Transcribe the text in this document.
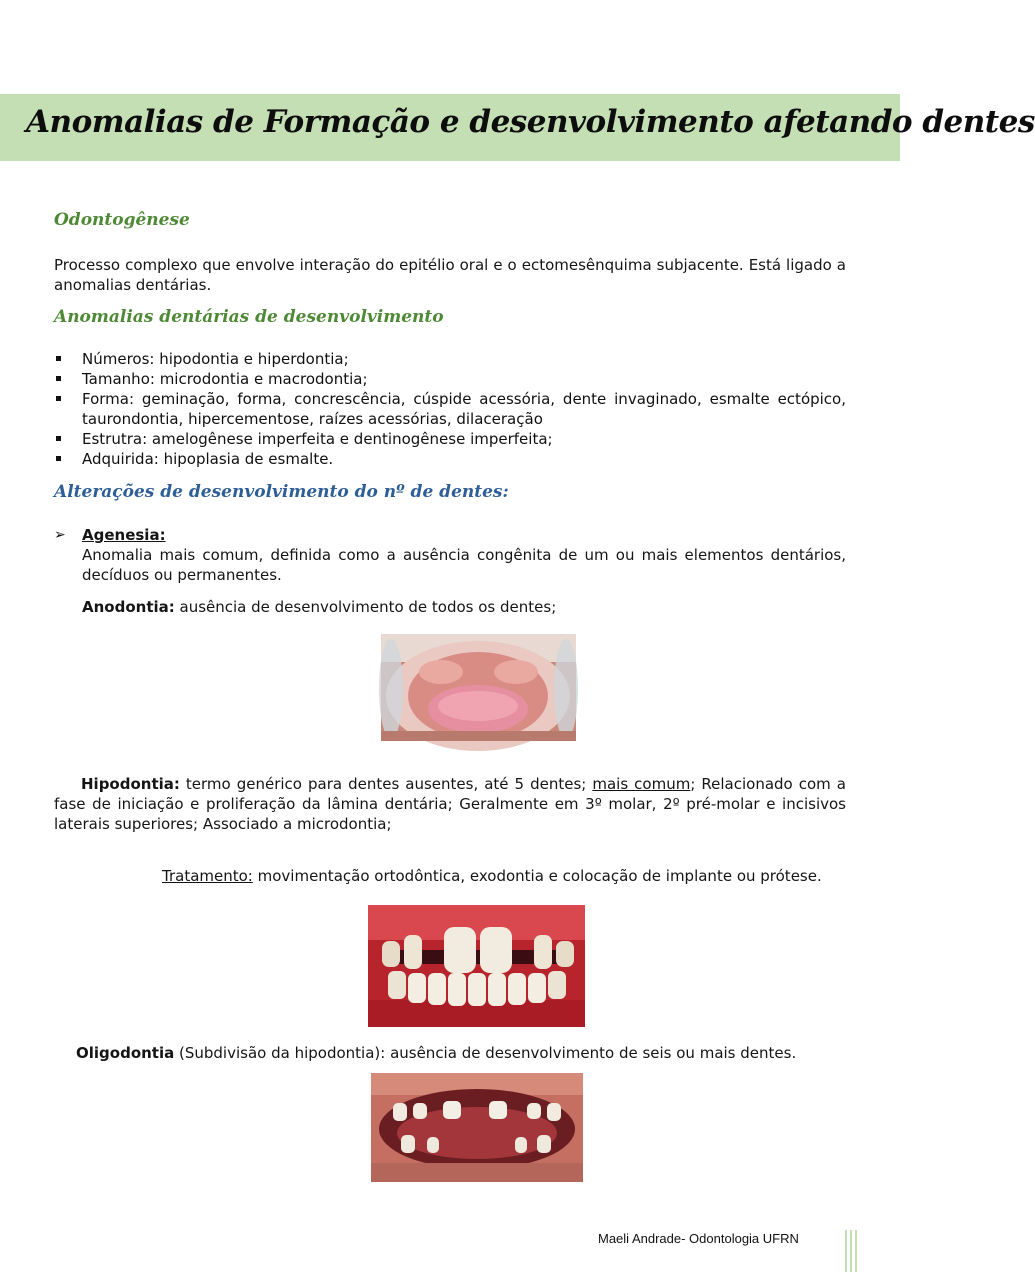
Anomalias de Formação e desenvolvimento afetando dentes
Odontogênese
Processo complexo que envolve interação do epitélio oral e o ectomesênquima subjacente. Está ligado a anomalias dentárias.
Anomalias dentárias de desenvolvimento
Números: hipodontia e hiperdontia;
Tamanho: microdontia e macrodontia;
Forma: geminação, forma, concrescência, cúspide acessória, dente invaginado, esmalte ectópico, taurondontia, hipercementose, raízes acessórias, dilaceração
Estrutra: amelogênese imperfeita e dentinogênese imperfeita;
Adquirida: hipoplasia de esmalte.
Alterações de desenvolvimento do nº de dentes:
➢ Agenesia:
Anomalia mais comum, definida como a ausência congênita de um ou mais elementos dentários, decíduos ou permanentes.
Anodontia: ausência de desenvolvimento de todos os dentes;
Hipodontia: termo genérico para dentes ausentes, até 5 dentes; mais comum; Relacionado com a fase de iniciação e proliferação da lâmina dentária; Geralmente em 3º molar, 2º pré-molar e incisivos laterais superiores; Associado a microdontia;
Tratamento: movimentação ortodôntica, exodontia e colocação de implante ou prótese.
Oligodontia (Subdivisão da hipodontia): ausência de desenvolvimento de seis ou mais dentes.
Maeli Andrade- Odontologia UFRN
